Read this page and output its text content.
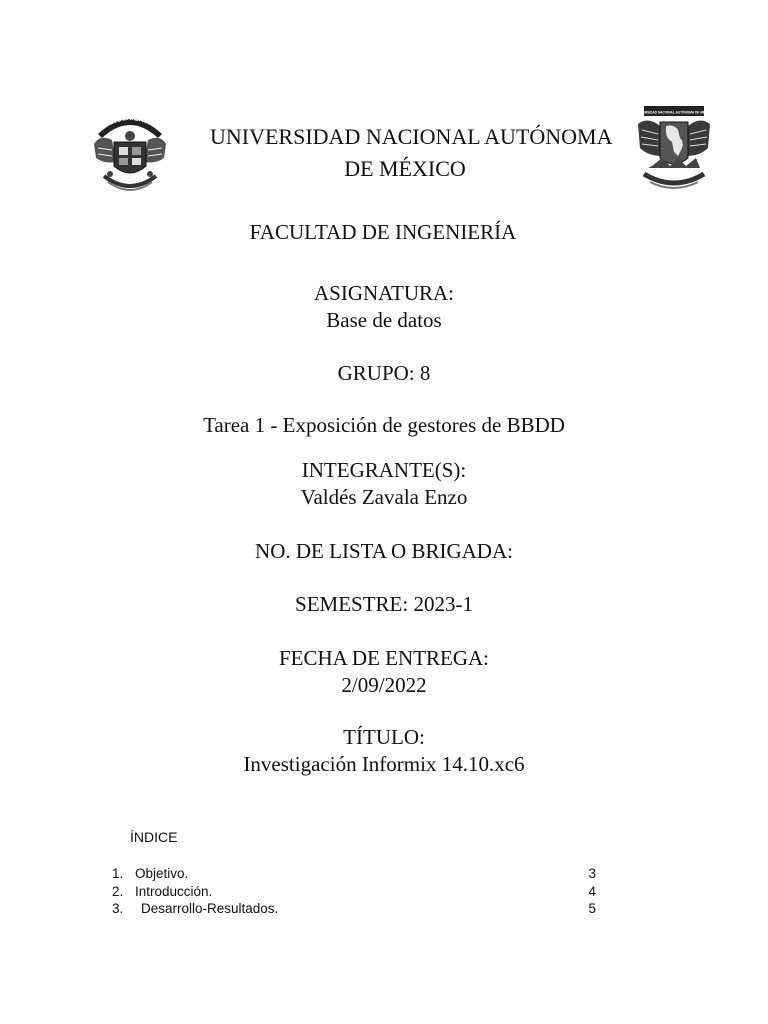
INGENIERÍA
UNIVERSIDAD NACIONAL AUTÓNOMA DE MÉXICO
UNIVERSIDAD NACIONAL AUTÓNOMA
DE MÉXICO
FACULTAD DE INGENIERÍA
ASIGNATURA:
Base de datos
GRUPO: 8
Tarea 1 - Exposición de gestores de BBDD
INTEGRANTE(S):
Valdés Zavala Enzo
NO. DE LISTA O BRIGADA:
SEMESTRE: 2023-1
FECHA DE ENTREGA:
2/09/2022
TÍTULO:
Investigación Informix 14.10.xc6
ÍNDICE
1. Objetivo.	3
2. Introducción.	4
3. Desarrollo-Resultados.	5
